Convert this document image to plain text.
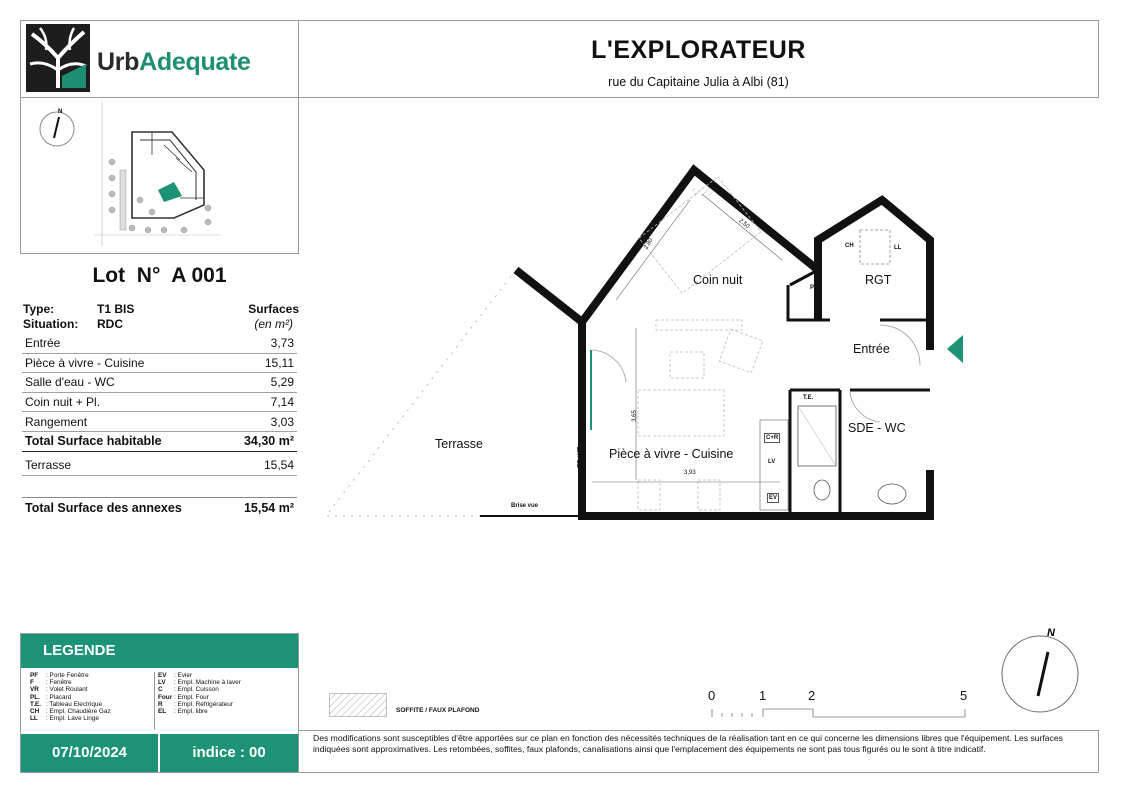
UrbAdequate	L'EXPLORATEUR
rue du Capitaine Julia à Albi (81)
N
Lot  N°  A 001
Type:	T1 BIS	Surfaces
Situation: RDC	(en m²)
Entrée	3,73
Pièce à vivre - Cuisine	15,11
Salle d'eau - WC	5,29
Coin nuit + Pl.	7,14
Rangement	3,03
Total Surface habitable	34,30 m²
Terrasse	15,54
Total Surface des annexes	15,54 m²
Coin nuit	RGT
Entrée
Terrasse
Pièce à vivre - Cuisine
SDE - WC
Pl.
CH	LL
T.E.
C+R
LV
EV
PF +VR
Brise vue
2,80
2,50
3,65
3,93
LEGENDE
PF : Porte Fenêtre
F : Fenêtre
VR : Volet Roulant
PL. : Placard
T.E. : Tableau Electrique
CH : Empl. Chaudière Gaz
LL : Empl. Lave Linge
EV : Evier
LV : Empl. Machine à laver
C : Empl. Cuisson
Four : Empl. Four
R : Empl. Réfrigérateur
EL : Empl. libre
07/10/2024	indice : 00
SOFFITE / FAUX PLAFOND
0	1	2	5
N
Des modifications sont susceptibles d'être apportées sur ce plan en fonction des nécessités techniques de la réalisation tant en ce qui concerne les dimensions libres que l'équipement. Les surfaces indiquées sont approximatives. Les retombées, soffites, faux plafonds, canalisations ainsi que l'emplacement des équipements ne sont pas tous figurés ou le sont à titre indicatif.
